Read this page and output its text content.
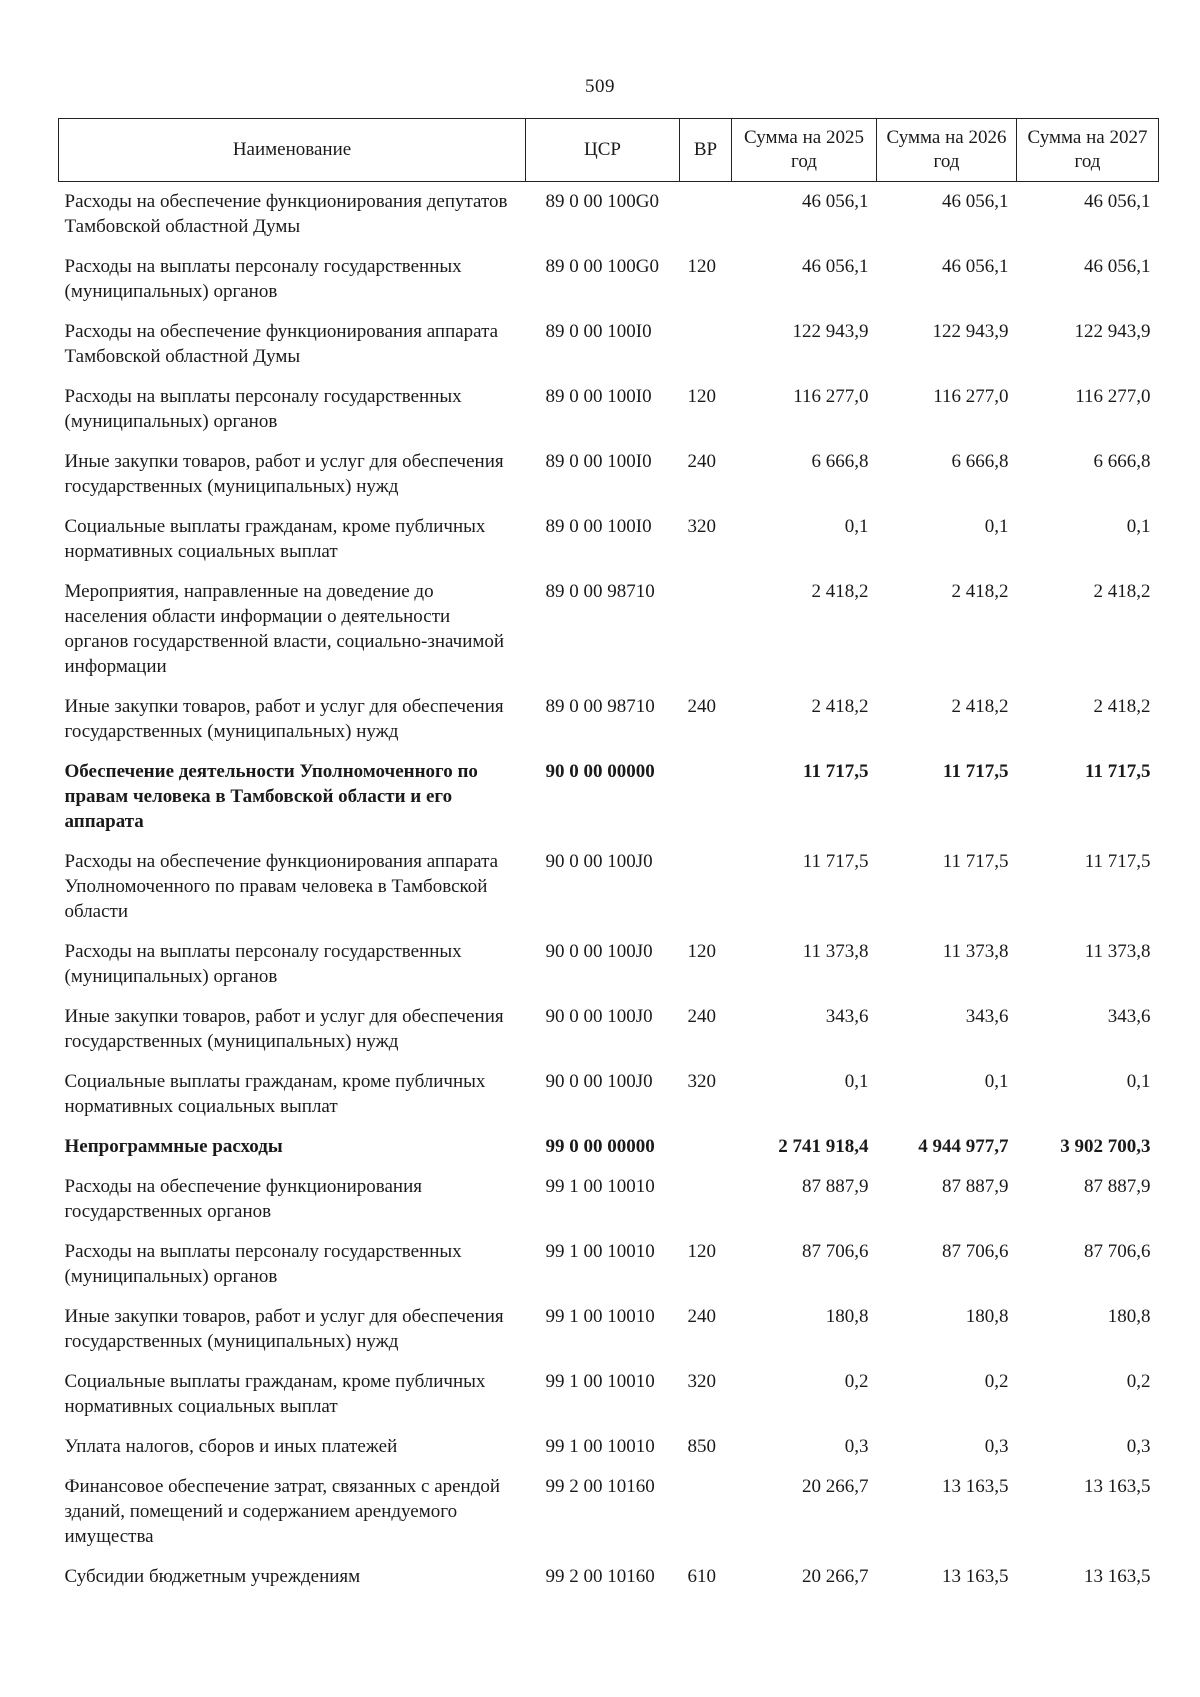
509
Наименование	ЦСР	ВР	Сумма на 2025 год	Сумма на 2026 год	Сумма на 2027 год
Расходы на обеспечение функционирования депутатов Тамбовской областной Думы	89 0 00 100G0		46 056,1	46 056,1	46 056,1
Расходы на выплаты персоналу государственных (муниципальных) органов	89 0 00 100G0	120	46 056,1	46 056,1	46 056,1
Расходы на обеспечение функционирования аппарата Тамбовской областной Думы	89 0 00 100I0		122 943,9	122 943,9	122 943,9
Расходы на выплаты персоналу государственных (муниципальных) органов	89 0 00 100I0	120	116 277,0	116 277,0	116 277,0
Иные закупки товаров, работ и услуг для обеспечения государственных (муниципальных) нужд	89 0 00 100I0	240	6 666,8	6 666,8	6 666,8
Социальные выплаты гражданам, кроме публичных нормативных социальных выплат	89 0 00 100I0	320	0,1	0,1	0,1
Мероприятия, направленные на доведение до населения области информации о деятельности органов государственной власти, социально-значимой информации	89 0 00 98710		2 418,2	2 418,2	2 418,2
Иные закупки товаров, работ и услуг для обеспечения государственных (муниципальных) нужд	89 0 00 98710	240	2 418,2	2 418,2	2 418,2
Обеспечение деятельности Уполномоченного по правам человека в Тамбовской области и его аппарата	90 0 00 00000		11 717,5	11 717,5	11 717,5
Расходы на обеспечение функционирования аппарата Уполномоченного по правам человека в Тамбовской области	90 0 00 100J0		11 717,5	11 717,5	11 717,5
Расходы на выплаты персоналу государственных (муниципальных) органов	90 0 00 100J0	120	11 373,8	11 373,8	11 373,8
Иные закупки товаров, работ и услуг для обеспечения государственных (муниципальных) нужд	90 0 00 100J0	240	343,6	343,6	343,6
Социальные выплаты гражданам, кроме публичных нормативных социальных выплат	90 0 00 100J0	320	0,1	0,1	0,1
Непрограммные расходы	99 0 00 00000		2 741 918,4	4 944 977,7	3 902 700,3
Расходы на обеспечение функционирования государственных органов	99 1 00 10010		87 887,9	87 887,9	87 887,9
Расходы на выплаты персоналу государственных (муниципальных) органов	99 1 00 10010	120	87 706,6	87 706,6	87 706,6
Иные закупки товаров, работ и услуг для обеспечения государственных (муниципальных) нужд	99 1 00 10010	240	180,8	180,8	180,8
Социальные выплаты гражданам, кроме публичных нормативных социальных выплат	99 1 00 10010	320	0,2	0,2	0,2
Уплата налогов, сборов и иных платежей	99 1 00 10010	850	0,3	0,3	0,3
Финансовое обеспечение затрат, связанных с арендой зданий, помещений и содержанием арендуемого имущества	99 2 00 10160		20 266,7	13 163,5	13 163,5
Субсидии бюджетным учреждениям	99 2 00 10160	610	20 266,7	13 163,5	13 163,5
